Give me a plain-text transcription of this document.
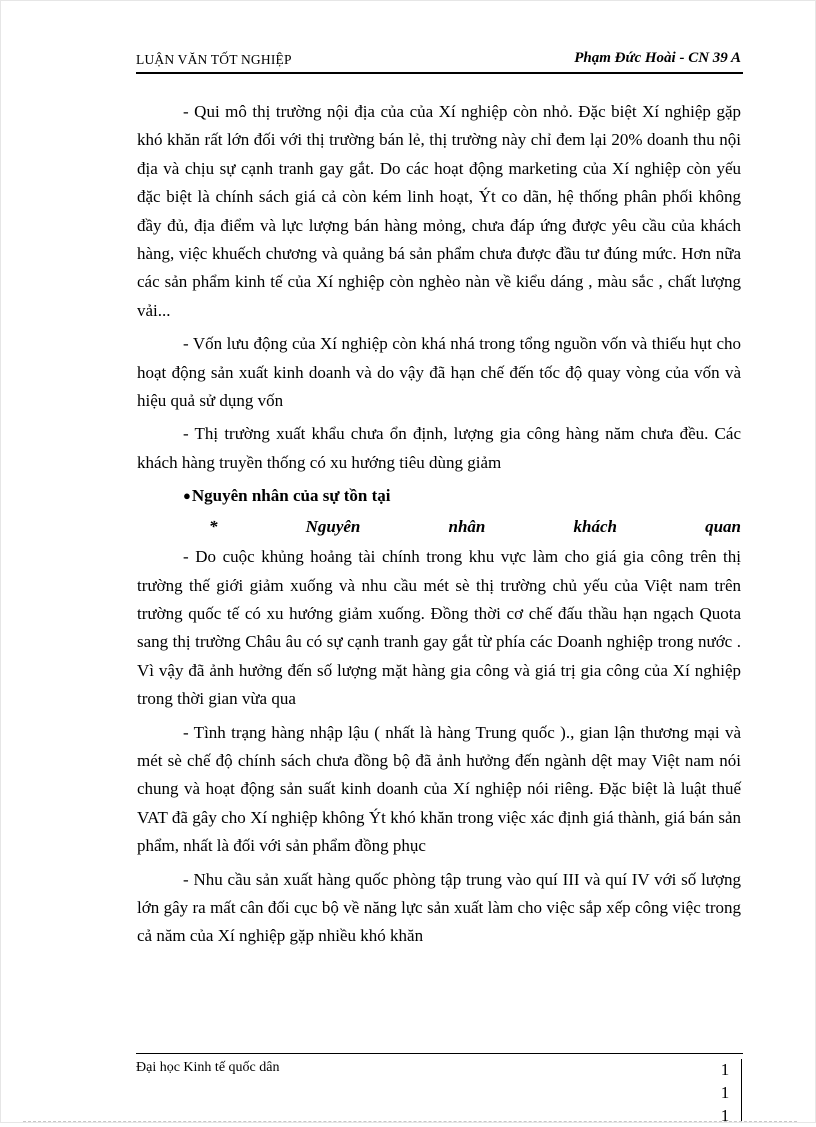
LUẬN VĂN TỐT NGHIỆP	Phạm Đức Hoài - CN 39 A

- Qui mô thị trường nội địa của của Xí nghiệp còn nhỏ. Đặc biệt Xí nghiệp gặp khó khăn rất lớn đối với thị trường bán lẻ, thị trường này chỉ đem lại 20% doanh thu nội địa và chịu sự cạnh tranh gay gắt. Do các hoạt động marketing của Xí nghiệp còn yếu đặc biệt là chính sách giá cả còn kém linh hoạt, Ýt co dãn, hệ thống phân phối không đầy đủ, địa điểm và lực lượng bán hàng mỏng, chưa đáp ứng được yêu cầu của khách hàng, việc khuếch chương và quảng bá sản phẩm chưa được đầu tư đúng mức. Hơn nữa các sản phẩm kinh tế của Xí nghiệp còn nghèo nàn về kiểu dáng , màu sắc , chất lượng vải...

- Vốn lưu động của Xí nghiệp còn khá nhá trong tổng nguồn vốn và thiếu hụt cho hoạt động sản xuất kinh doanh và do vậy đã hạn chế đến tốc độ quay vòng của vốn và hiệu quả sử dụng vốn

- Thị trường xuất khẩu chưa ổn định, lượng gia công hàng năm chưa đều. Các khách hàng truyền thống có xu hướng tiêu dùng giảm

●Nguyên nhân của sự tồn tại

*	Nguyên	nhân	khách	quan

- Do cuộc khủng hoảng tài chính trong khu vực làm cho giá gia công trên thị trường thế giới giảm xuống và nhu cầu mét sè thị trường chủ yếu của Việt nam trên trường quốc tế có xu hướng giảm xuống. Đồng thời cơ chế đấu thầu hạn ngạch Quota sang thị trường Châu âu có sự cạnh tranh gay gắt từ phía các Doanh nghiệp trong nước . Vì vậy đã ảnh hưởng đến số lượng mặt hàng gia công và giá trị gia công của Xí nghiệp trong thời gian vừa qua

- Tình trạng hàng nhập lậu ( nhất là hàng Trung quốc )., gian lận thương mại và mét sè chế độ chính sách chưa đồng bộ đã ảnh hưởng đến ngành dệt may Việt nam nói chung và hoạt động sản suất kinh doanh của Xí nghiệp nói riêng. Đặc biệt là luật thuế VAT đã gây cho Xí nghiệp không Ýt khó khăn trong việc xác định giá thành, giá bán sản phẩm, nhất là đối với sản phẩm đồng phục

- Nhu cầu sản xuất hàng quốc phòng tập trung vào quí III và quí IV với số lượng lớn gây ra mất cân đối cục bộ về năng lực sản xuất làm cho việc sắp xếp công việc trong cả năm của Xí nghiệp gặp nhiều khó khăn

Đại học Kinh tế quốc dân	1
1
1
